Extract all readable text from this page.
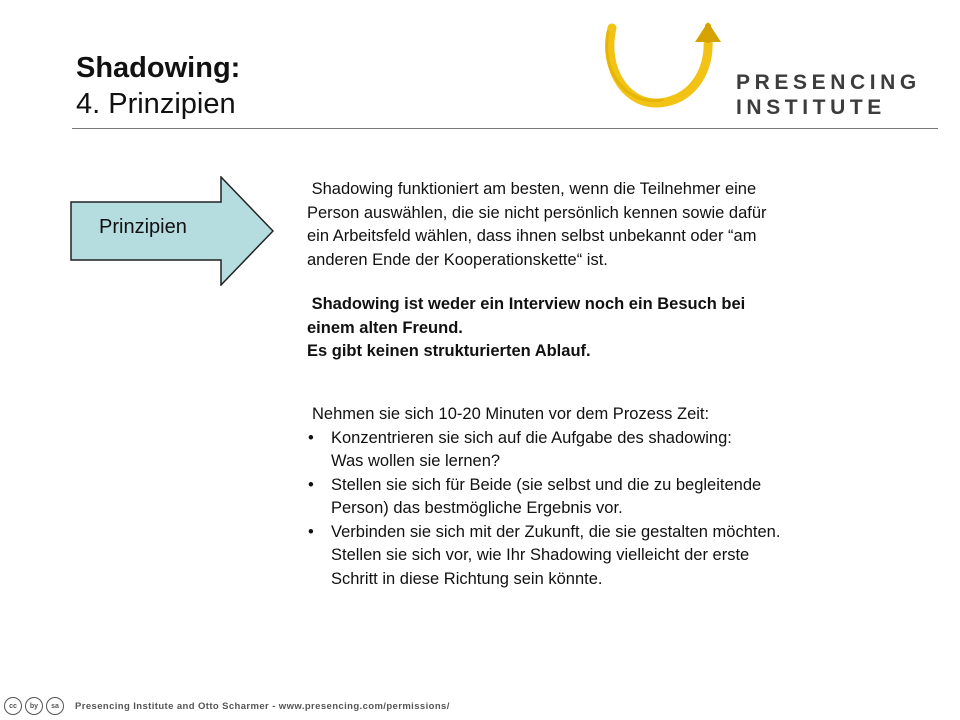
Shadowing:
4. Prinzipien
PRESENCING
INSTITUTE
Prinzipien
Shadowing funktioniert am besten, wenn die Teilnehmer eine
Person auswählen, die sie nicht persönlich kennen sowie dafür
ein Arbeitsfeld wählen, dass ihnen selbst unbekannt oder “am
anderen Ende der Kooperationskette“ ist.
Shadowing ist weder ein Interview noch ein Besuch bei
einem alten Freund.
Es gibt keinen strukturierten Ablauf.
Nehmen sie sich 10-20 Minuten vor dem Prozess Zeit:
• Konzentrieren sie sich auf die Aufgabe des shadowing:
Was wollen sie lernen?
• Stellen sie sich für Beide (sie selbst und die zu begleitende
Person) das bestmögliche Ergebnis vor.
• Verbinden sie sich mit der Zukunft, die sie gestalten möchten.
Stellen sie sich vor, wie Ihr Shadowing vielleicht der erste
Schritt in diese Richtung sein könnte.
cc	by	sa	Presencing Institute and Otto Scharmer - www.presencing.com/permissions/
